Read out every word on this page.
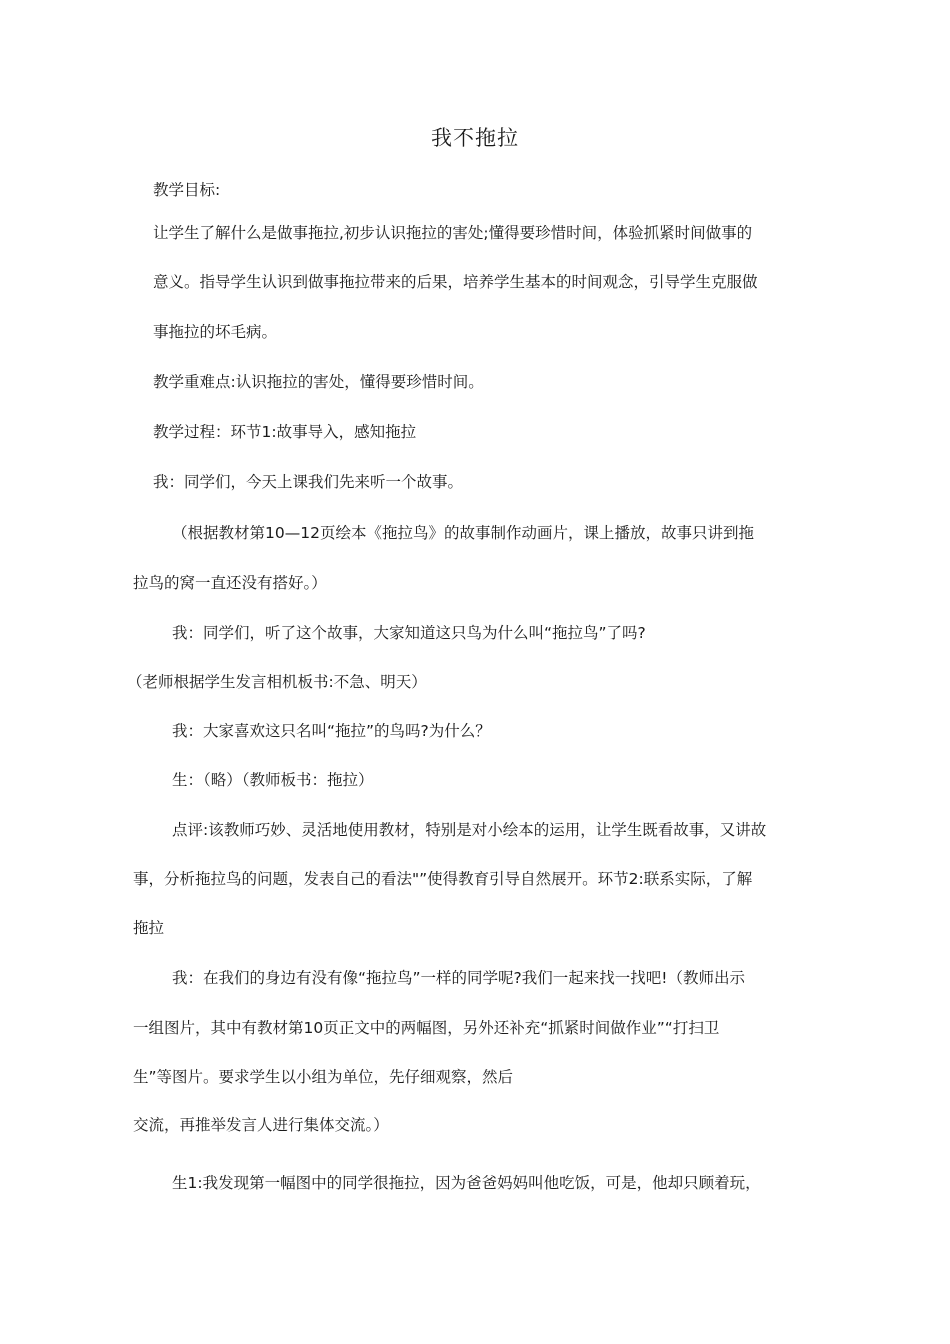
我不拖拉
教学目标:
让学生了解什么是做事拖拉,初步认识拖拉的害处;懂得要珍惜时间，体验抓紧时间做事的
意义。指导学生认识到做事拖拉带来的后果，培养学生基本的时间观念，引导学生克服做
事拖拉的坏毛病。
教学重难点:认识拖拉的害处，懂得要珍惜时间。
教学过程：环节1:故事导入，感知拖拉
我：同学们，今天上课我们先来听一个故事。
（根据教材第10—12页绘本《拖拉鸟》的故事制作动画片，课上播放，故事只讲到拖
拉鸟的窝一直还没有搭好。）
我：同学们，听了这个故事，大家知道这只鸟为什么叫“拖拉鸟”了吗?
（老师根据学生发言相机板书:不急、明天）
我：大家喜欢这只名叫“拖拉”的鸟吗?为什么？
生：（略）（教师板书：拖拉）
点评:该教师巧妙、灵活地使用教材，特别是对小绘本的运用，让学生既看故事，又讲故
事，分析拖拉鸟的问题，发表自己的看法"”使得教育引导自然展开。环节2:联系实际，了解
拖拉
我：在我们的身边有没有像“拖拉鸟”一样的同学呢?我们一起来找一找吧!（教师出示
一组图片，其中有教材第10页正文中的两幅图，另外还补充“抓紧时间做作业”“打扫卫
生”等图片。要求学生以小组为单位，先仔细观察，然后
交流，再推举发言人进行集体交流。）
生1:我发现第一幅图中的同学很拖拉，因为爸爸妈妈叫他吃饭，可是，他却只顾着玩，
